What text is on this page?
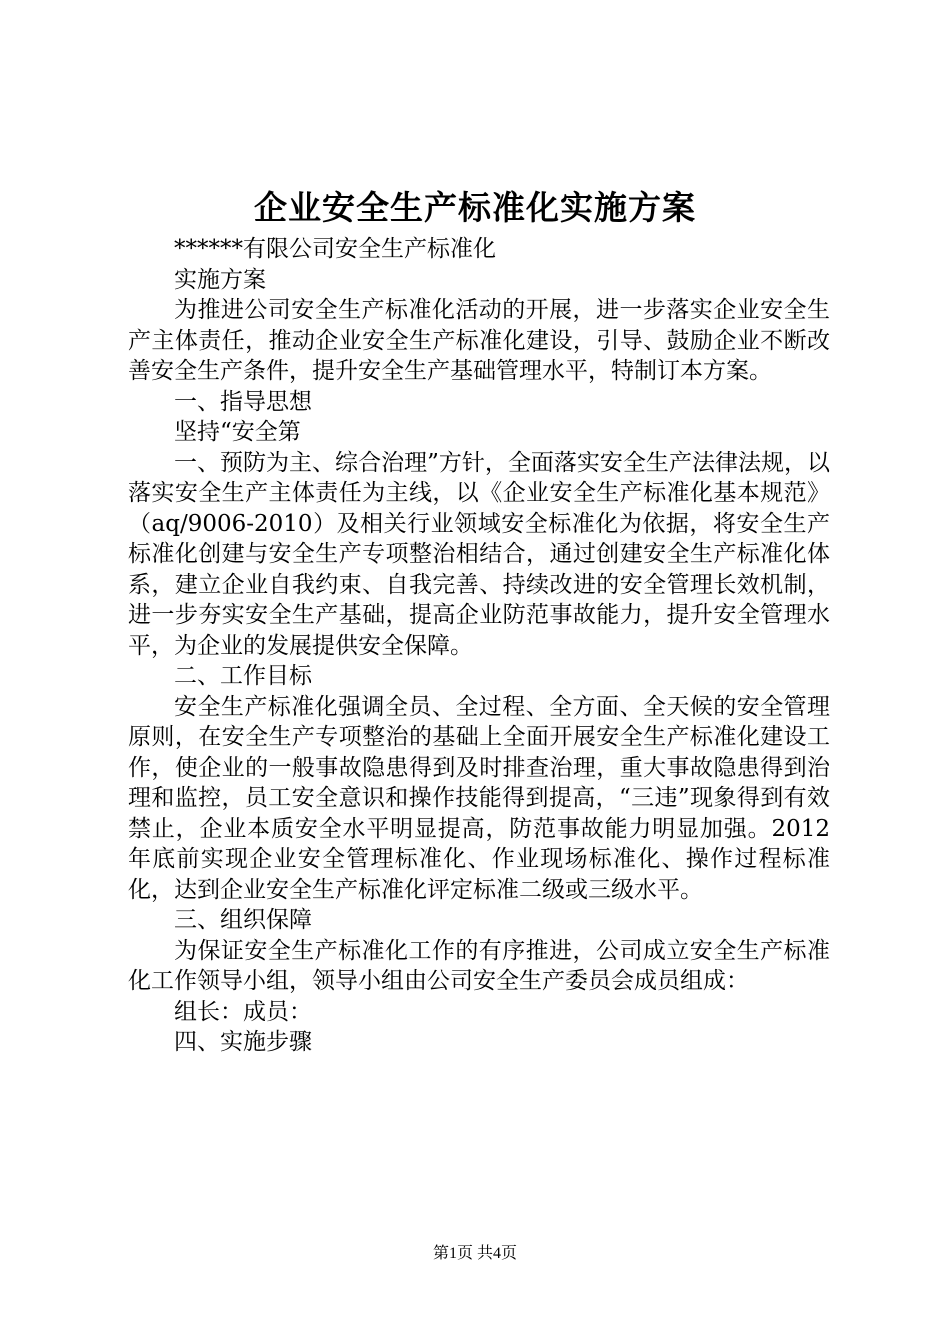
企业安全生产标准化实施方案

******有限公司安全生产标准化

实施方案

为推进公司安全生产标准化活动的开展，进一步落实企业安全生产主体责任，推动企业安全生产标准化建设，引导、鼓励企业不断改善安全生产条件，提升安全生产基础管理水平，特制订本方案。

一、指导思想

坚持“安全第

一、预防为主、综合治理”方针，全面落实安全生产法律法规，以落实安全生产主体责任为主线，以《企业安全生产标准化基本规范》（aq/9006-2010）及相关行业领域安全标准化为依据，将安全生产标准化创建与安全生产专项整治相结合，通过创建安全生产标准化体系，建立企业自我约束、自我完善、持续改进的安全管理长效机制，进一步夯实安全生产基础，提高企业防范事故能力，提升安全管理水平，为企业的发展提供安全保障。

二、工作目标

安全生产标准化强调全员、全过程、全方面、全天候的安全管理原则，在安全生产专项整治的基础上全面开展安全生产标准化建设工作，使企业的一般事故隐患得到及时排查治理，重大事故隐患得到治理和监控，员工安全意识和操作技能得到提高，“三违”现象得到有效禁止，企业本质安全水平明显提高，防范事故能力明显加强。2012年底前实现企业安全管理标准化、作业现场标准化、操作过程标准化，达到企业安全生产标准化评定标准二级或三级水平。

三、组织保障

为保证安全生产标准化工作的有序推进，公司成立安全生产标准化工作领导小组，领导小组由公司安全生产委员会成员组成：

组长：成员：

四、实施步骤

第1页 共4页
